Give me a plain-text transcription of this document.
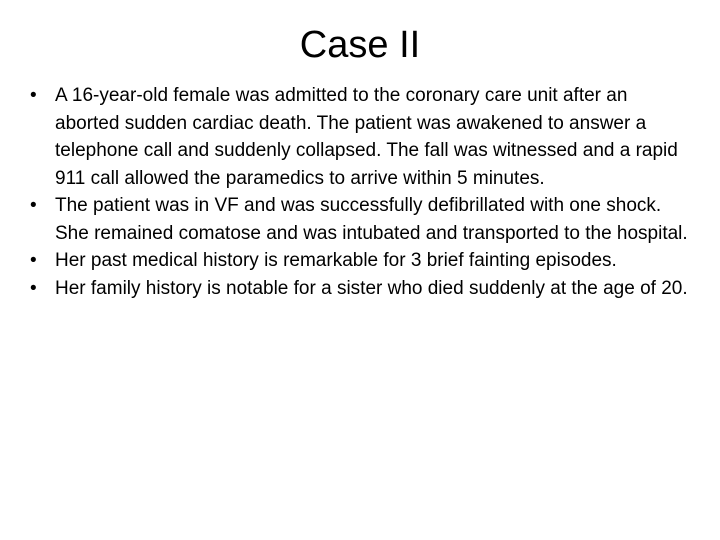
Case II
• A 16-year-old female was admitted to the coronary care unit after an aborted sudden cardiac death. The patient was awakened to answer a telephone call and suddenly collapsed. The fall was witnessed and a rapid 911 call allowed the paramedics to arrive within 5 minutes.
• The patient was in VF and was successfully defibrillated with one shock. She remained comatose and was intubated and transported to the hospital.
• Her past medical history is remarkable for 3 brief fainting episodes.
• Her family history is notable for a sister who died suddenly at the age of 20.
